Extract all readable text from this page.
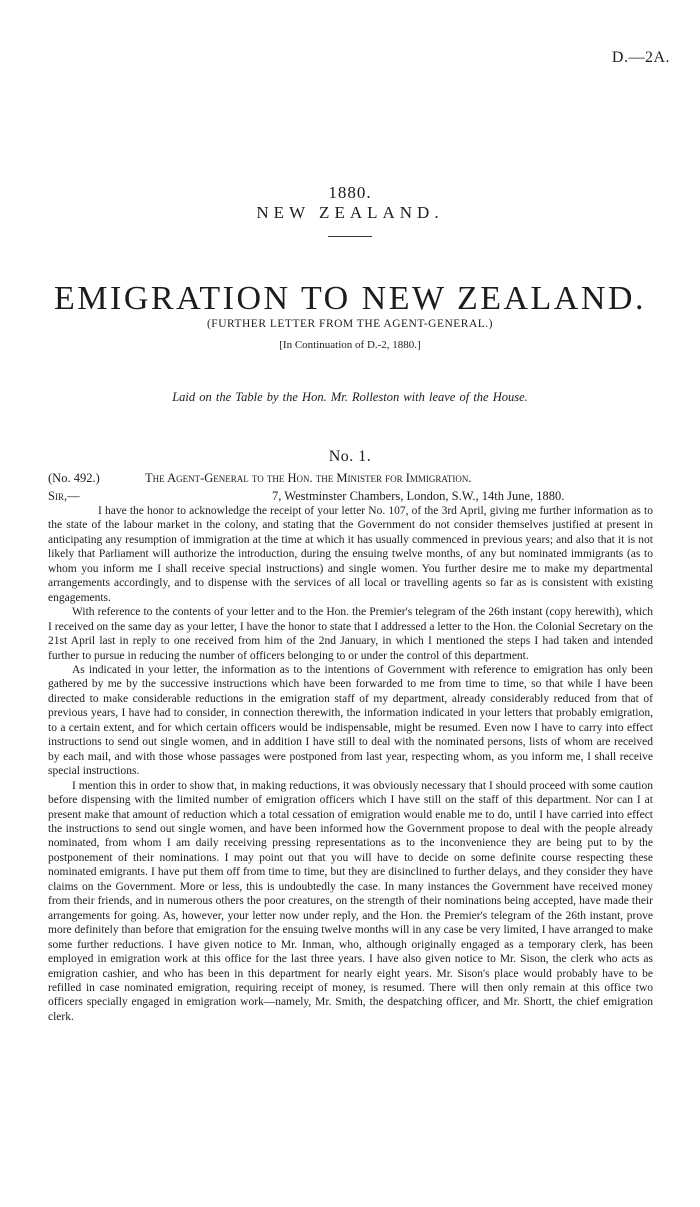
D.—2A.
1880.
NEW ZEALAND.
EMIGRATION TO NEW ZEALAND.
(FURTHER LETTER FROM THE AGENT-GENERAL.)
[In Continuation of D.-2, 1880.]
Laid on the Table by the Hon. Mr. Rolleston with leave of the House.
No. 1.
(No. 492.)	The Agent-General to the Hon. the Minister for Immigration.
Sir,—	7, Westminster Chambers, London, S.W., 14th June, 1880.

I have the honor to acknowledge the receipt of your letter No. 107, of the 3rd April, giving me further information as to the state of the labour market in the colony, and stating that the Government do not consider themselves justified at present in anticipating any resumption of immigration at the time at which it has usually commenced in previous years; and also that it is not likely that Parliament will authorize the introduction, during the ensuing twelve months, of any but nominated immigrants (as to whom you inform me I shall receive special instructions) and single women. You further desire me to make my departmental arrangements accordingly, and to dispense with the services of all local or travelling agents so far as is consistent with existing engagements.

With reference to the contents of your letter and to the Hon. the Premier's telegram of the 26th instant (copy herewith), which I received on the same day as your letter, I have the honor to state that I addressed a letter to the Hon. the Colonial Secretary on the 21st April last in reply to one received from him of the 2nd January, in which I mentioned the steps I had taken and intended further to pursue in reducing the number of officers belonging to or under the control of this department.

As indicated in your letter, the information as to the intentions of Government with reference to emigration has only been gathered by me by the successive instructions which have been forwarded to me from time to time, so that while I have been directed to make considerable reductions in the emigration staff of my department, already considerably reduced from that of previous years, I have had to consider, in connection therewith, the information indicated in your letters that probably emigration, to a certain extent, and for which certain officers would be indispensable, might be resumed. Even now I have to carry into effect instructions to send out single women, and in addition I have still to deal with the nominated persons, lists of whom are received by each mail, and with those whose passages were postponed from last year, respecting whom, as you inform me, I shall receive special instructions.

I mention this in order to show that, in making reductions, it was obviously necessary that I should proceed with some caution before dispensing with the limited number of emigration officers which I have still on the staff of this department. Nor can I at present make that amount of reduction which a total cessation of emigration would enable me to do, until I have carried into effect the instructions to send out single women, and have been informed how the Government propose to deal with the people already nominated, from whom I am daily receiving pressing representations as to the inconvenience they are being put to by the postponement of their nominations. I may point out that you will have to decide on some definite course respecting these nominated emigrants. I have put them off from time to time, but they are disinclined to further delays, and they consider they have claims on the Government. More or less, this is undoubtedly the case. In many instances the Government have received money from their friends, and in numerous others the poor creatures, on the strength of their nominations being accepted, have made their arrangements for going. As, however, your letter now under reply, and the Hon. the Premier's telegram of the 26th instant, prove more definitely than before that emigration for the ensuing twelve months will in any case be very limited, I have arranged to make some further reductions. I have given notice to Mr. Inman, who, although originally engaged as a temporary clerk, has been employed in emigration work at this office for the last three years. I have also given notice to Mr. Sison, the clerk who acts as emigration cashier, and who has been in this department for nearly eight years. Mr. Sison's place would probably have to be refilled in case nominated emigration, requiring receipt of money, is resumed. There will then only remain at this office two officers specially engaged in emigration work—namely, Mr. Smith, the despatching officer, and Mr. Shortt, the chief emigration clerk.
